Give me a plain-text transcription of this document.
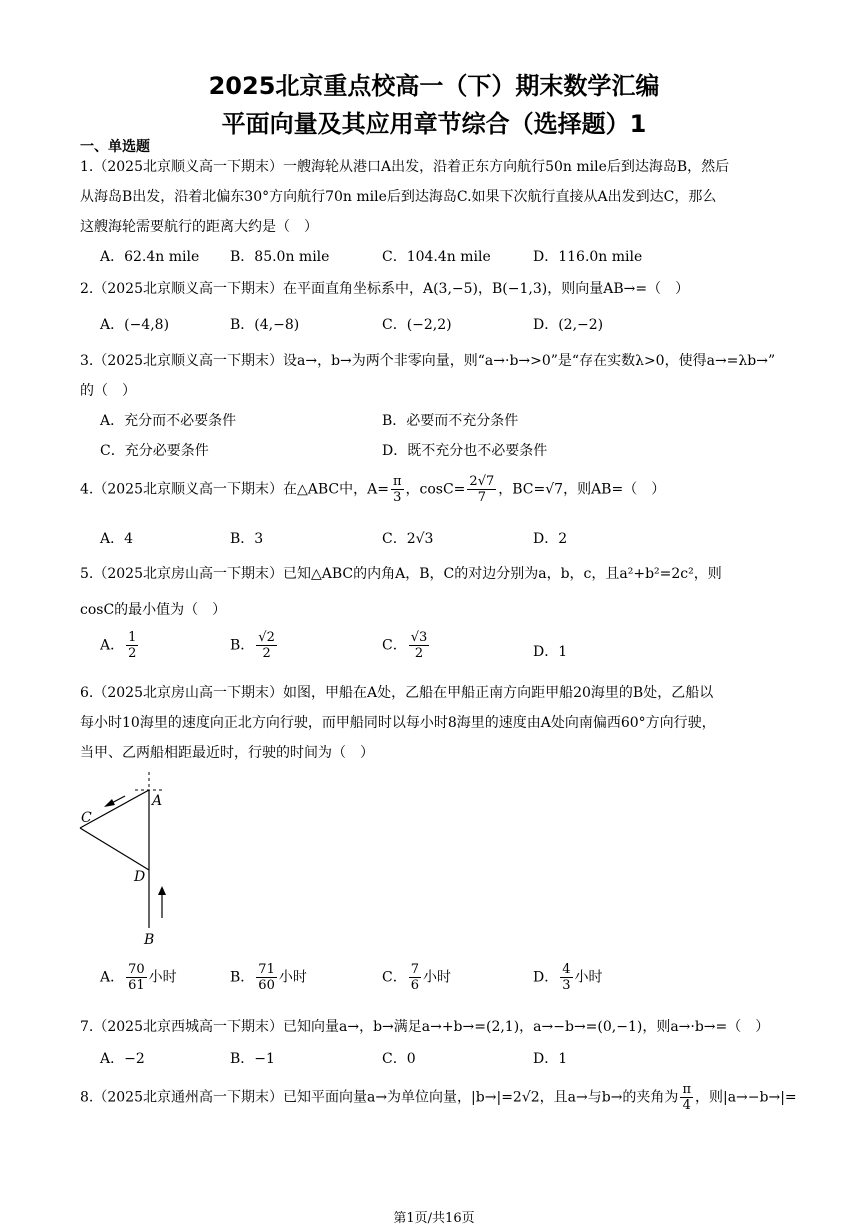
2025北京重点校高一（下）期末数学汇编
平面向量及其应用章节综合（选择题）1
一、单选题
1.（2025北京顺义高一下期末）一艘海轮从港口A出发，沿着正东方向航行50n mile后到达海岛B，然后
从海岛B出发，沿着北偏东30°方向航行70n mile后到达海岛C.如果下次航行直接从A出发到达C，那么
这艘海轮需要航行的距离大约是（　）
A．62.4n mile B．85.0n mile	C．104.4n mile	D．116.0n mile
2.（2025北京顺义高一下期末）在平面直角坐标系中，A(3,−5)，B(−1,3)，则向量AB→=（　）
A．(−4,8)	B．(4,−8)	C．(−2,2)	D．(2,−2)
3.（2025北京顺义高一下期末）设a→，b→为两个非零向量，则“a→·b→>0”是“存在实数λ>0，使得a→=λb→”
的（　）
A．充分而不必要条件	B．必要而不充分条件
C．充分必要条件	D．既不充分也不必要条件
4.（2025北京顺义高一下期末）在△ABC中，$A= \frac{\pi}{3}$ ，$\cos C= \frac{2√7}{7}$ ，BC=√7，则AB=（　）
A．4	B．3	C．2√3	D．2
5.（2025北京房山高一下期末）已知△ABC的内角A，B，C的对边分别为a，b，c，且a²+b²=2c²，则
cosC的最小值为（　）
A． $\frac{1}{2}$	B． $\frac{√2}{2}$	C． $\frac{√3}{2}$	D．1
6.（2025北京房山高一下期末）如图，甲船在A处，乙船在甲船正南方向距甲船20海里的B处，乙船以
每小时10海里的速度向正北方向行驶，而甲船同时以每小时8海里的速度由A处向南偏西60°方向行驶，
当甲、乙两船相距最近时，行驶的时间为（　）
A
C
D
B
A． $\frac{70}{61}$ 小时	B． $\frac{71}{60}$ 小时	C． $\frac{7}{6}$ 小时	D． $\frac{4}{3}$ 小时
7.（2025北京西城高一下期末）已知向量a→，b→满足a→+b→=(2,1)，a→−b→=(0,−1)，则a→·b→=（　）
A．−2	B．−1	C．0	D．1
8.（2025北京通州高一下期末）已知平面向量a→为单位向量，|b→|=2√2，且a→与b→的夹角为 $\frac{\pi}{4}$ ，则|a→−b→|=
第1页/共16页
